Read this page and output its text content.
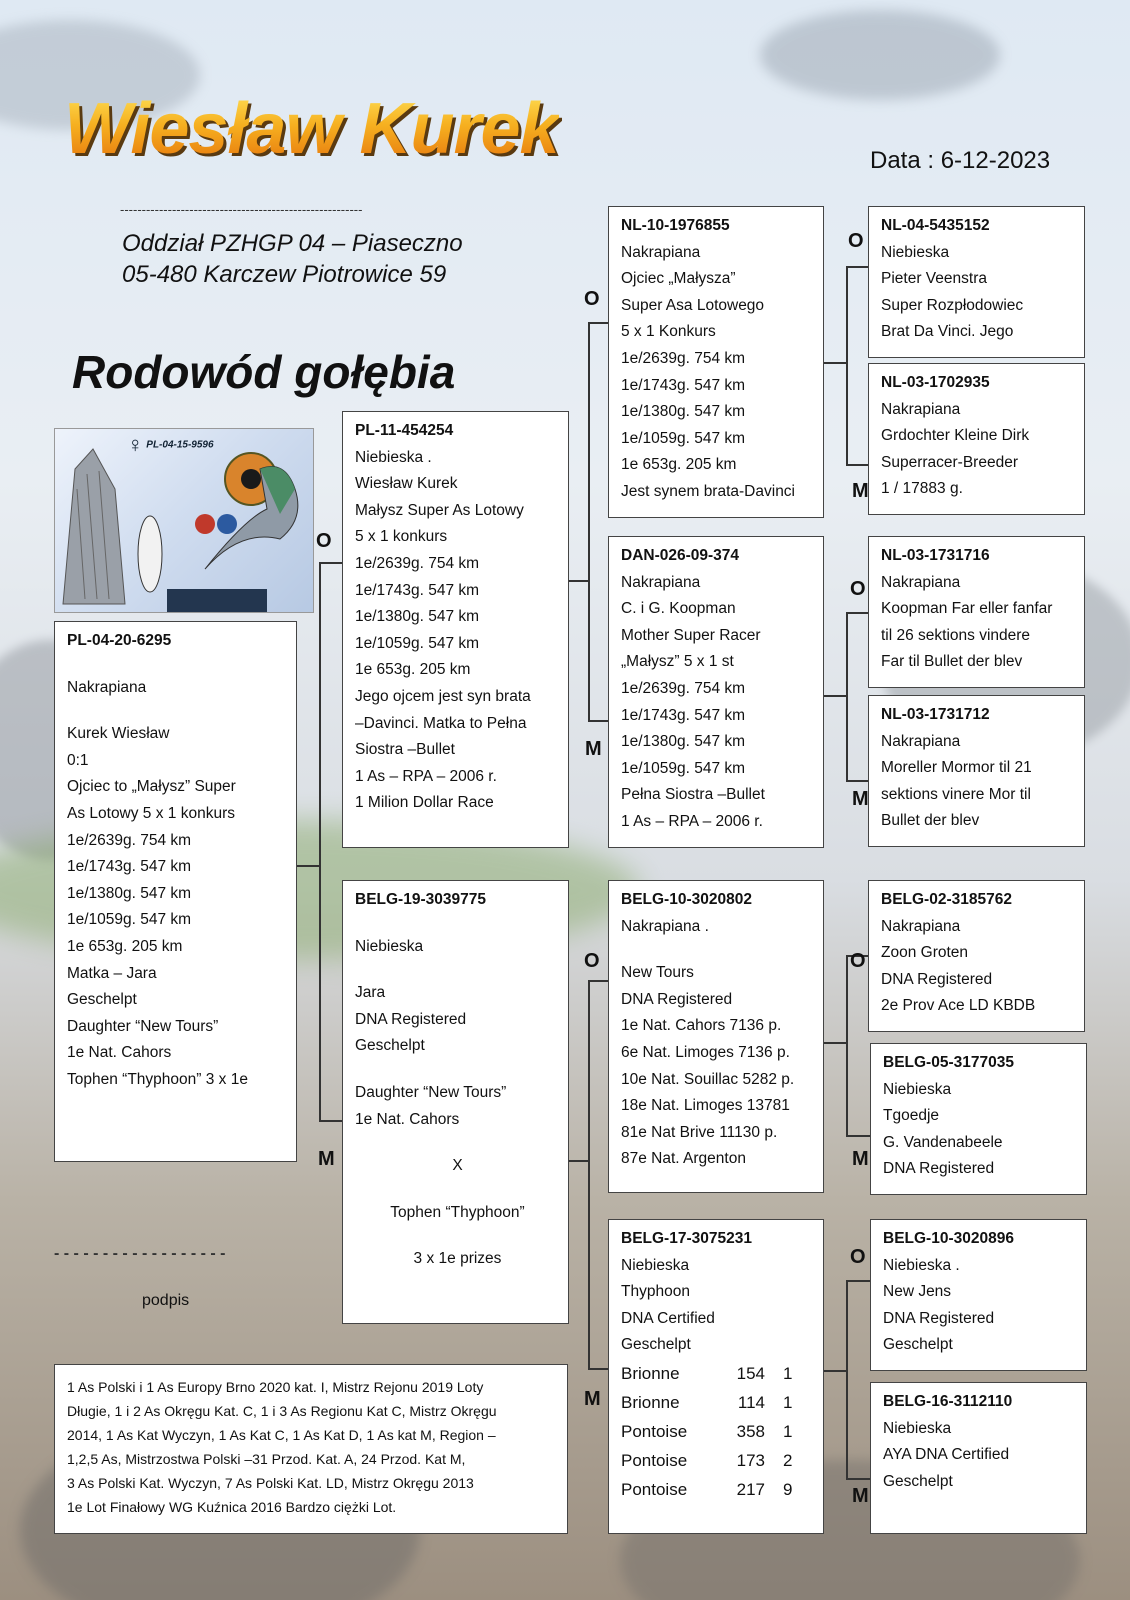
Wiesław Kurek	Data : 6-12-2023
--------------------------------------------------------
Oddział PZHGP 04 – Piaseczno
05-480 Karczew Piotrowice 59
Rodowód gołębia
♀ PL-04-15-9596
PL-04-20-6295
Nakrapiana
Kurek Wiesław
0:1
Ojciec to „Małysz” Super
As Lotowy 5 x 1 konkurs
1e/2639g. 754 km
1e/1743g. 547 km
1e/1380g. 547 km
1e/1059g. 547 km
1e 653g. 205 km
Matka – Jara
Geschelpt
Daughter “New Tours”
1e Nat. Cahors
Tophen “Thyphoon” 3 x 1e
PL-11-454254
Niebieska .
Wiesław Kurek
Małysz Super As Lotowy
5 x 1 konkurs
1e/2639g. 754 km
1e/1743g. 547 km
1e/1380g. 547 km
1e/1059g. 547 km
1e 653g. 205 km
Jego ojcem jest syn brata
–Davinci. Matka to Pełna
Siostra –Bullet
1 As – RPA – 2006 r.
1 Milion Dollar Race
BELG-19-3039775
Niebieska
Jara
DNA Registered
Geschelpt
Daughter “New Tours”
1e Nat. Cahors
X
Tophen “Thyphoon”
3 x 1e prizes
NL-10-1976855
Nakrapiana
Ojciec „Małysza”
Super Asa Lotowego
5 x 1 Konkurs
1e/2639g. 754 km
1e/1743g. 547 km
1e/1380g. 547 km
1e/1059g. 547 km
1e 653g. 205 km
Jest synem brata-Davinci
DAN-026-09-374
Nakrapiana
C. i G. Koopman
Mother Super Racer
„Małysz” 5 x 1 st
1e/2639g. 754 km
1e/1743g. 547 km
1e/1380g. 547 km
1e/1059g. 547 km
Pełna Siostra –Bullet
1 As – RPA – 2006 r.
BELG-10-3020802
Nakrapiana .
New Tours
DNA Registered
1e Nat. Cahors 7136 p.
6e Nat. Limoges 7136 p.
10e Nat. Souillac 5282 p.
18e Nat. Limoges 13781
81e Nat Brive 11130 p.
87e Nat. Argenton
BELG-17-3075231
Niebieska
Thyphoon
DNA Certified
Geschelpt
Brionne	154	1
Brionne	114	1
Pontoise	358	1
Pontoise	173	2
Pontoise	217	9
NL-04-5435152
Niebieska
Pieter Veenstra
Super Rozpłodowiec
Brat Da Vinci. Jego
NL-03-1702935
Nakrapiana
Grdochter Kleine Dirk
Superracer-Breeder
1 / 17883 g.
NL-03-1731716
Nakrapiana
Koopman Far eller fanfar
til 26 sektions vindere
Far til Bullet der blev
NL-03-1731712
Nakrapiana
Moreller Mormor til 21
sektions vinere Mor til
Bullet der blev
BELG-02-3185762
Nakrapiana
Zoon Groten
DNA Registered
2e Prov Ace LD KBDB
BELG-05-3177035
Niebieska
Tgoedje
G. Vandenabeele
DNA Registered
BELG-10-3020896
Niebieska .
New Jens
DNA Registered
Geschelpt
BELG-16-3112110
Niebieska
AYA DNA Certified
Geschelpt
O
M
O
M
O
M
O
M
O
M
O
M
O
M
- - - - - - - - - - - - - - - - - -
podpis
1 As Polski i 1 As Europy Brno 2020 kat. I, Mistrz Rejonu 2019 Loty
Długie, 1 i 2 As Okręgu Kat. C, 1 i 3 As Regionu Kat C, Mistrz Okręgu
2014, 1 As Kat Wyczyn, 1 As Kat C, 1 As Kat D, 1 As kat M, Region –
1,2,5 As, Mistrzostwa Polski –31 Przod. Kat. A, 24 Przod. Kat M,
3 As Polski Kat. Wyczyn, 7 As Polski Kat. LD, Mistrz Okręgu 2013
1e Lot Finałowy WG Kuźnica 2016 Bardzo ciężki Lot.
